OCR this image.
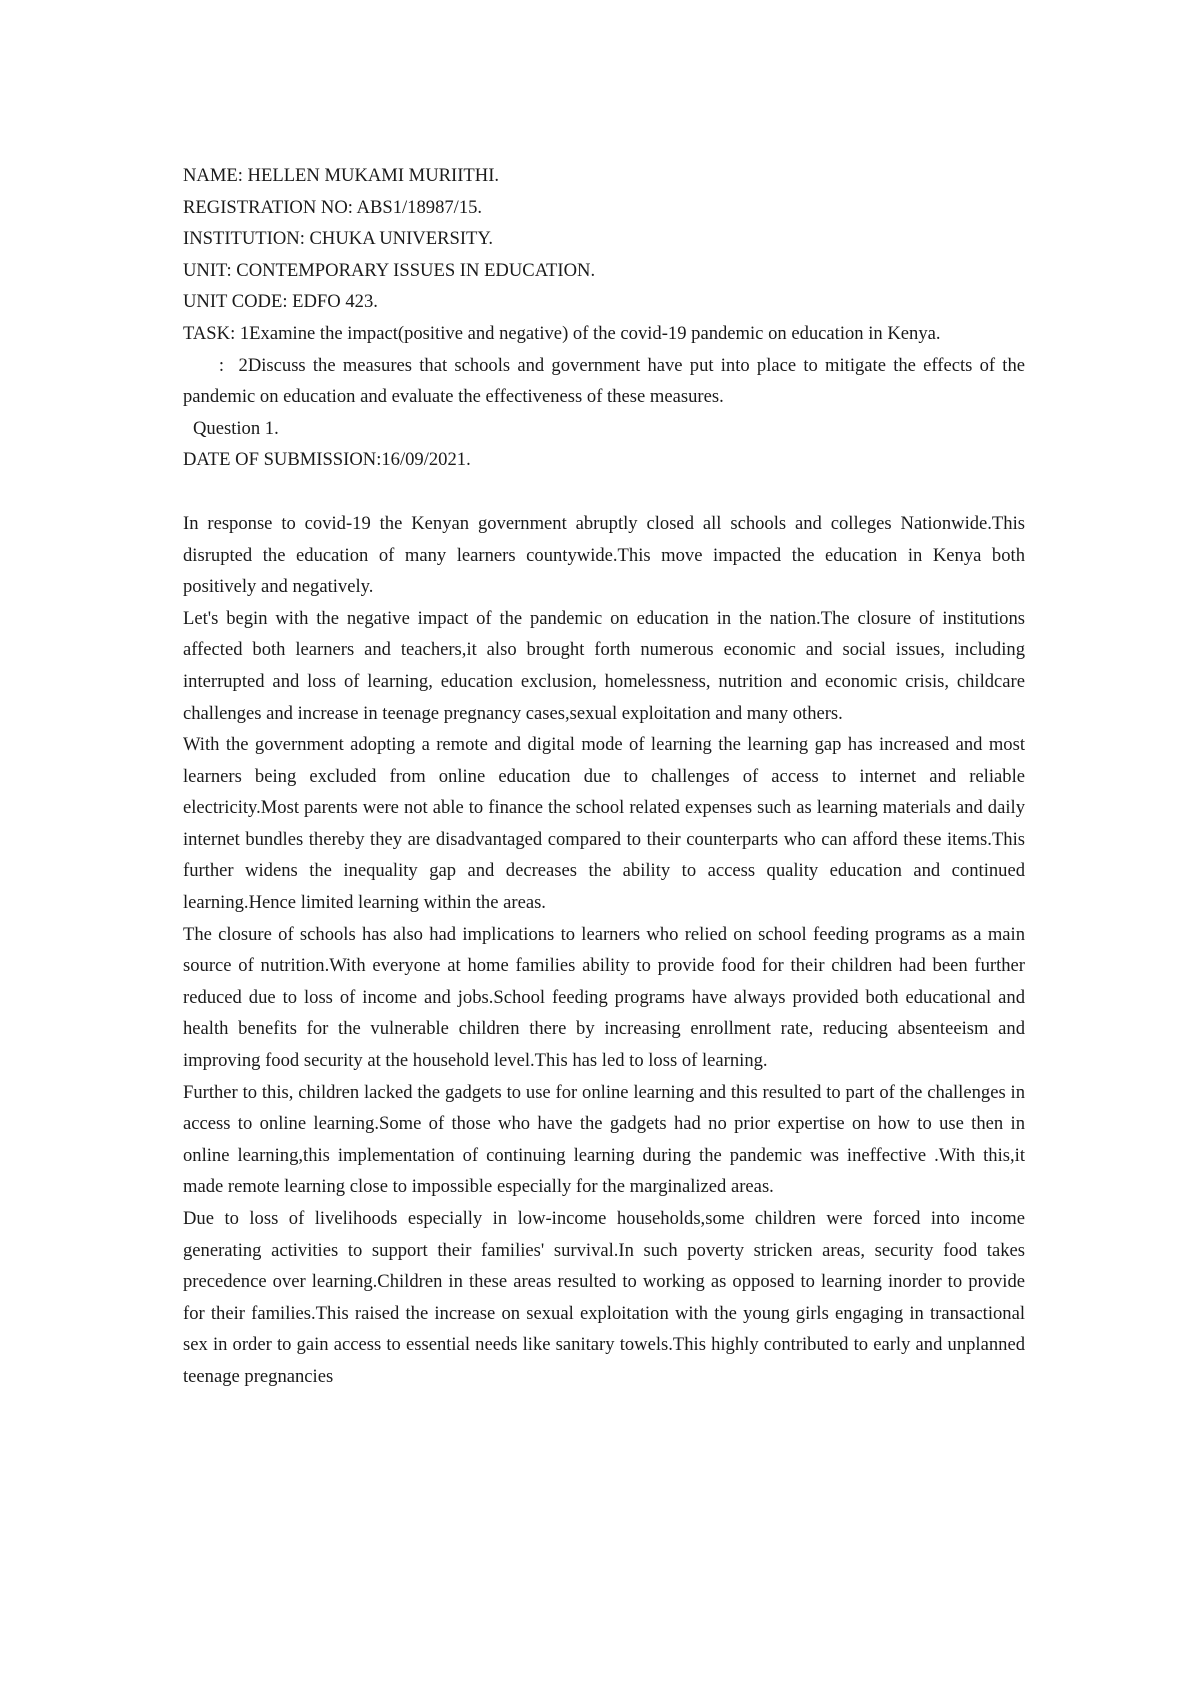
NAME: HELLEN MUKAMI MURIITHI.

REGISTRATION NO: ABS1/18987/15.

INSTITUTION: CHUKA UNIVERSITY.

UNIT: CONTEMPORARY ISSUES IN EDUCATION.

UNIT CODE: EDFO 423.

TASK: 1Examine the impact(positive and negative) of the covid-19 pandemic on education in Kenya.

:  2Discuss the measures that schools and government have put into place to mitigate the effects of the pandemic on education and evaluate the effectiveness of these measures.

Question 1.

DATE OF SUBMISSION:16/09/2021.

In response to covid-19 the Kenyan government abruptly closed all schools and colleges Nationwide.This disrupted the education of many learners countywide.This move impacted the education in Kenya both positively and negatively.

Let's begin with the negative impact of the pandemic on education in the nation.The closure of institutions affected both learners and teachers,it also brought forth numerous economic and social issues, including interrupted and loss of learning, education exclusion, homelessness, nutrition and economic crisis, childcare challenges and increase in teenage pregnancy cases,sexual exploitation and many others.

With the government adopting a remote and digital mode of learning the learning gap has increased and most learners being excluded from online education due to challenges of access to internet and reliable electricity.Most parents were not able to finance the school related expenses such as learning materials and daily internet bundles thereby they are disadvantaged compared to their counterparts who can afford these items.This further widens the inequality gap and decreases the ability to access quality education and continued learning.Hence limited learning within the areas.

The closure of schools has also had implications to learners who relied on school feeding programs as a main source of nutrition.With everyone at home families ability to provide food for their children had been further reduced due to loss of income and jobs.School feeding programs have always provided both educational and health benefits for the vulnerable children there by increasing enrollment rate, reducing absenteeism and improving food security at the household level.This has led to loss of learning.

Further to this, children lacked the gadgets to use for online learning and this resulted to part of the challenges in access to online learning.Some of those who have the gadgets had no prior expertise on how to use then in online learning,this implementation of continuing learning during the pandemic was ineffective .With this,it made remote learning close to impossible especially for the marginalized areas.

Due to loss of livelihoods especially in low-income households,some children were forced into income generating activities to support their families' survival.In such poverty stricken areas, security food takes precedence over learning.Children in these areas resulted to working as opposed to learning inorder to provide for their families.This raised the increase on sexual exploitation with the young girls engaging in transactional sex in order to gain access to essential needs like sanitary towels.This highly contributed to early and unplanned teenage pregnancies
